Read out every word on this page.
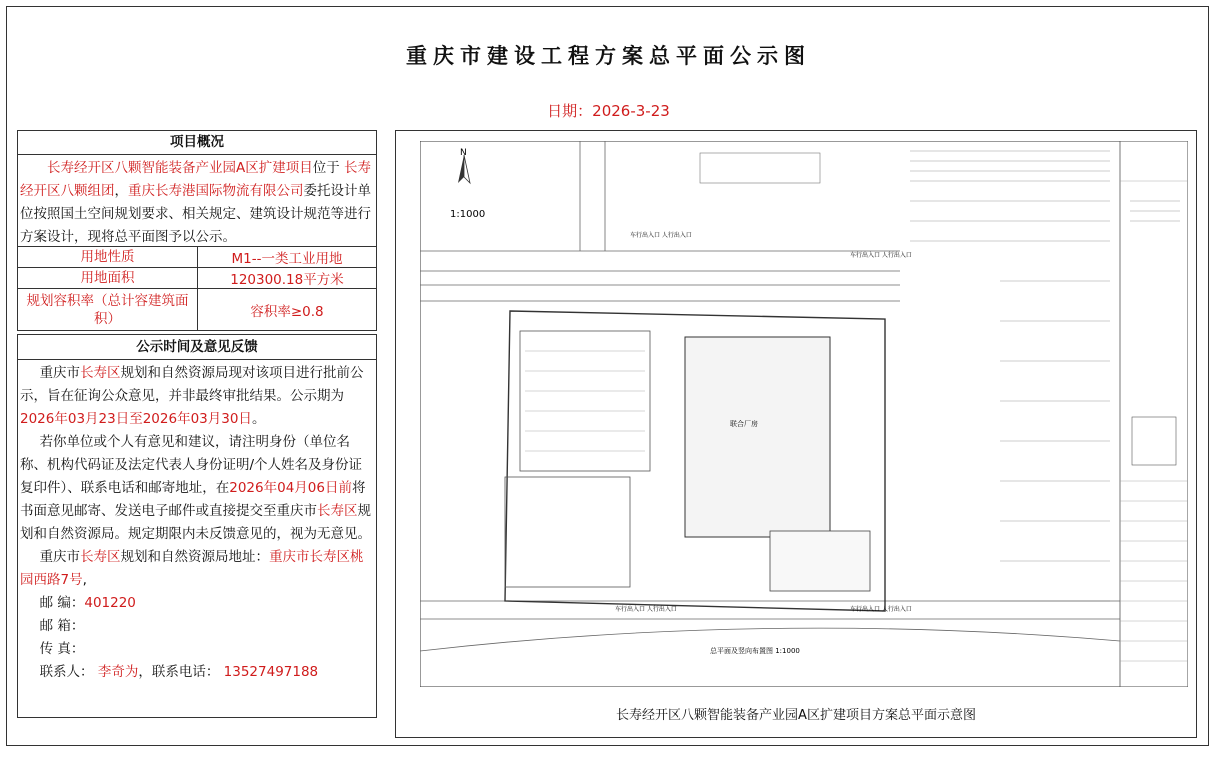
重庆市建设工程方案总平面公示图
日期：2026-3-23
项目概况
长寿经开区八颗智能装备产业园A区扩建项目位于 长寿经开区八颗组团，重庆长寿港国际物流有限公司委托设计单位按照国土空间规划要求、相关规定、建筑设计规范等进行方案设计，现将总平面图予以公示。
用地性质	M1--一类工业用地
用地面积	120300.18平方米
规划容积率（总计容建筑面积）	容积率≥0.8
公示时间及意见反馈

重庆市长寿区规划和自然资源局现对该项目进行批前公示，旨在征询公众意见，并非最终审批结果。公示期为2026年03月23日至2026年03月30日。

若你单位或个人有意见和建议，请注明身份（单位名称、机构代码证及法定代表人身份证明/个人姓名及身份证复印件）、联系电话和邮寄地址，在2026年04月06日前将书面意见邮寄、发送电子邮件或直接提交至重庆市长寿区规划和自然资源局。规定期限内未反馈意见的，视为无意见。

重庆市长寿区规划和自然资源局地址：重庆市长寿区桃园西路7号,

邮 编：401220

邮 箱：

传 真：

联系人： 李奇为，联系电话： 13527497188

N
1:1000
联合厂房
车行出入口 人行出入口
车行出入口 人行出入口
车行出入口 人行出入口	车行出入口 人行出入口
总平面及竖向布置图 1:1000
长寿经开区八颗智能装备产业园A区扩建项目方案总平面示意图
